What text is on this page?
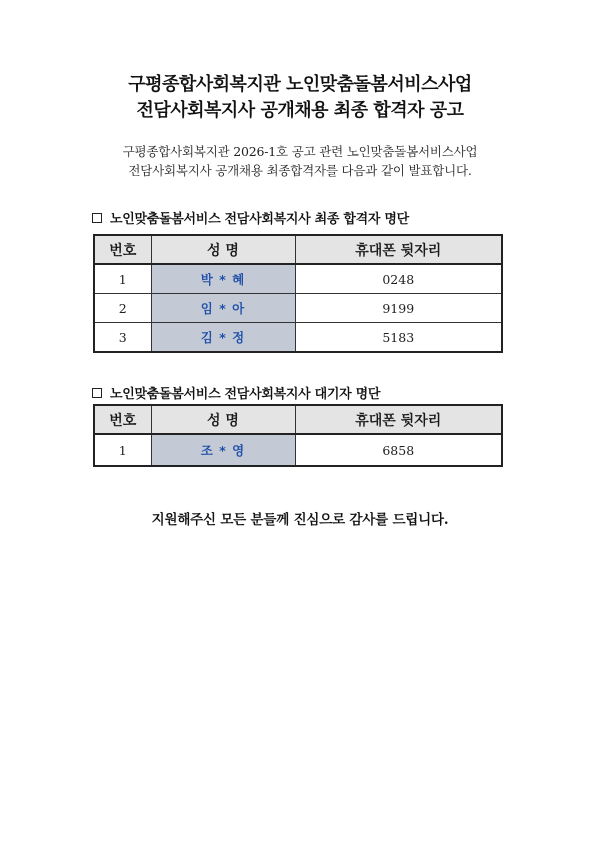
구평종합사회복지관 노인맞춤돌봄서비스사업
전담사회복지사 공개채용 최종 합격자 공고
구평종합사회복지관 2026-1호 공고 관련 노인맞춤돌봄서비스사업
전담사회복지사 공개채용 최종합격자를 다음과 같이 발표합니다.
노인맞춤돌봄서비스 전담사회복지사 최종 합격자 명단
번호	성 명	휴대폰 뒷자리
1	박 * 혜	0248
2	임 * 아	9199
3	김 * 정	5183
노인맞춤돌봄서비스 전담사회복지사 대기자 명단
번호	성 명	휴대폰 뒷자리
1	조 * 영	6858
지원해주신 모든 분들께 진심으로 감사를 드립니다.
